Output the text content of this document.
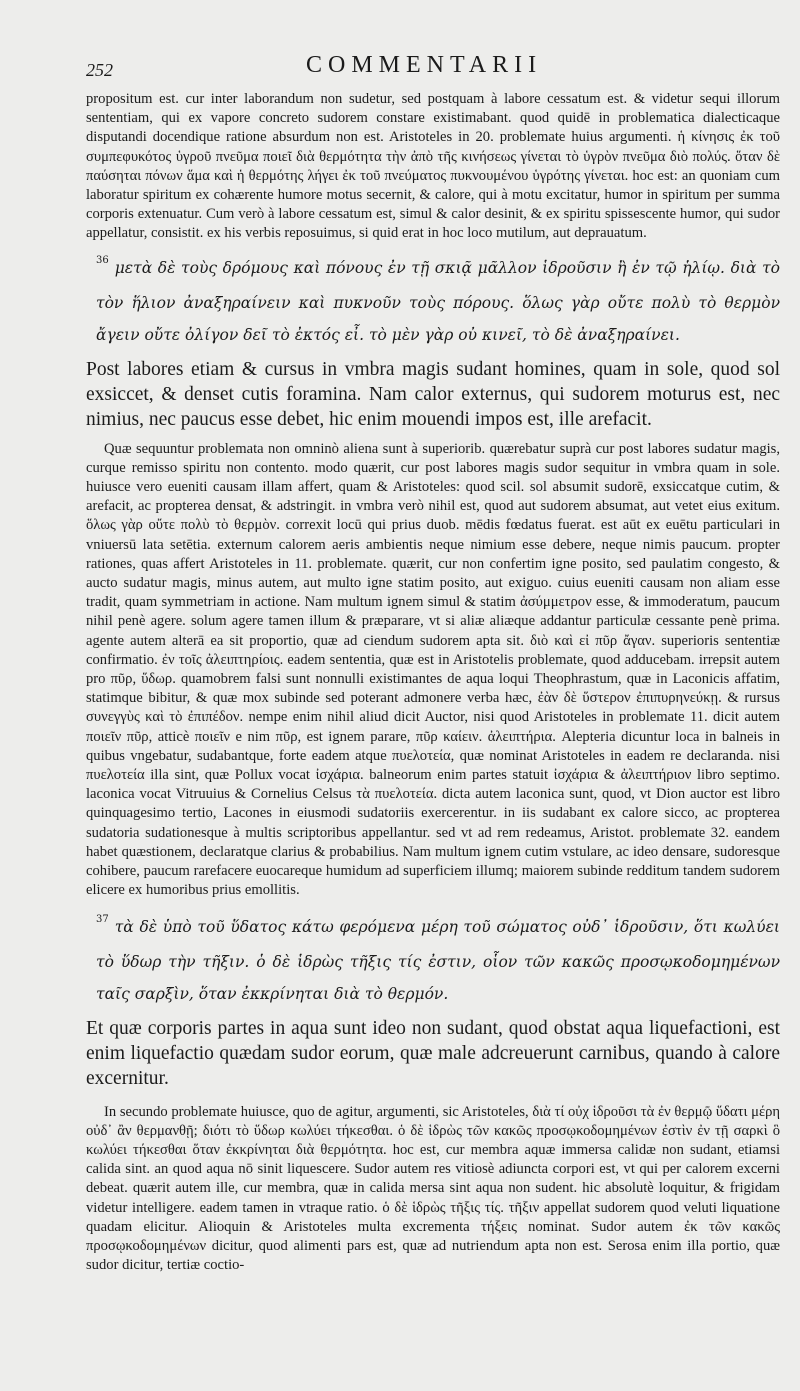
252	COMMENTARII

propositum est. cur inter laborandum non sudetur, sed postquam à labore cessatum est. & videtur sequi illorum sententiam, qui ex vapore concreto sudorem constare existimabant. quod quidē in problematica dialecticaque disputandi docendique ratione absurdum non est. Aristoteles in 20. problemate huius argumenti. ἡ κίνησις ἐκ τοῦ συμπεφυκότος ὑγροῦ πνεῦμα ποιεῖ διὰ θερμότητα τὴν ἀπὸ τῆς κινήσεως γίνεται τὸ ὑγρὸν πνεῦμα διὸ πολύς. ὅταν δὲ παύσηται πόνων ἅμα καὶ ἡ θερμότης λήγει ἐκ τοῦ πνεύματος πυκνουμένου ὑγρότης γίνεται. hoc est: an quoniam cum laboratur spiritum ex cohærente humore motus secernit, & calore, qui à motu excitatur, humor in spiritum per summa corporis extenuatur. Cum verò à labore cessatum est, simul & calor desinit, & ex spiritu spissescente humor, qui sudor appellatur, consistit. ex his verbis reposuimus, si quid erat in hoc loco mutilum, aut deprauatum.

$^{36}$ μετὰ δὲ τοὺς δρόμους καὶ πόνους ἐν τῇ σκιᾷ μᾶλλον ἱδροῦσιν ἢ ἐν τῷ ἡλίῳ. διὰ τὸ τὸν ἥλιον ἀναξηραίνειν καὶ πυκνοῦν τοὺς πόρους. ὅλως γὰρ οὔτε πολὺ τὸ θερμὸν ἄγειν οὔτε ὀλίγον δεῖ τὸ ἐκτός εἶ. τὸ μὲν γὰρ οὐ κινεῖ, τὸ δὲ ἀναξηραίνει.

Post labores etiam & cursus in vmbra magis sudant homines, quam in sole, quod sol exsiccet, & denset cutis foramina. Nam calor externus, qui sudorem moturus est, nec nimius, nec paucus esse debet, hic enim mouendi impos est, ille arefacit.

Quæ sequuntur problemata non omninò aliena sunt à superiorib. quærebatur suprà cur post labores sudatur magis, curque remisso spiritu non contento. modo quærit, cur post labores magis sudor sequitur in vmbra quam in sole. huiusce vero eueniti causam illam affert, quam & Aristoteles: quod scil. sol absumit sudorē, exsiccatque cutim, & arefacit, ac propterea densat, & adstringit. in vmbra verò nihil est, quod aut sudorem absumat, aut vetet eius exitum. ὅλως γὰρ οὔτε πολὺ τὸ θερμὸν. correxit locū qui prius duob. mēdis fœdatus fuerat. est aūt ex euētu particulari in vniuersū lata setētia. externum calorem aeris ambientis neque nimium esse debere, neque nimis paucum. propter rationes, quas affert Aristoteles in 11. problemate. quærit, cur non confertim igne posito, sed paulatim congesto, & aucto sudatur magis, minus autem, aut multo igne statim posito, aut exiguo. cuius eueniti causam non aliam esse tradit, quam symmetriam in actione. Nam multum ignem simul & statim ἀσύμμετρον esse, & immoderatum, paucum nihil penè agere. solum agere tamen illum & præparare, vt si aliæ aliæque addantur particulæ cessante penè prima. agente autem alterā ea sit proportio, quæ ad ciendum sudorem apta sit. διὸ καὶ εἰ πῦρ ἄγαν. superioris sententiæ confirmatio. ἐν τοῖς ἀλειπτηρίοις. eadem sententia, quæ est in Aristotelis problemate, quod adducebam. irrepsit autem pro πῦρ, ὕδωρ. quamobrem falsi sunt nonnulli existimantes de aqua loqui Theophrastum, quæ in Laconicis affatim, statimque bibitur, & quæ mox subinde sed poterant admonere verba hæc, ἐὰν δὲ ὕστερον ἐπιπυρηνεύκῃ. & rursus συνεγγὺς καὶ τὸ ἐπιπέδον. nempe enim nihil aliud dicit Auctor, nisi quod Aristoteles in problemate 11. dicit autem ποιεῖν πῦρ, atticè ποιεῖν e nim πῦρ, est ignem parare, πῦρ καίειν. ἀλειπτήρια. Alepteria dicuntur loca in balneis in quibus vngebatur, sudabantque, forte eadem atque πυελοτεία, quæ nominat Aristoteles in eadem re declaranda. nisi πυελοτεία illa sint, quæ Pollux vocat ἰσχάρια. balneorum enim partes statuit ἰσχάρια & ἀλειπτήριον libro septimo. laconica vocat Vitruuius & Cornelius Celsus τὰ πυελοτεία. dicta autem laconica sunt, quod, vt Dion auctor est libro quinquagesimo tertio, Lacones in eiusmodi sudatoriis exercerentur. in iis sudabant ex calore sicco, ac propterea sudatoria sudationesque à multis scriptoribus appellantur. sed vt ad rem redeamus, Aristot. problemate 32. eandem habet quæstionem, declaratque clarius & probabilius. Nam multum ignem cutim vstulare, ac ideo densare, sudoresque cohibere, paucum rarefacere euocareque humidum ad superficiem illumq; maiorem subinde redditum tandem sudorem elicere ex humoribus prius emollitis.

$^{37}$ τὰ δὲ ὑπὸ τοῦ ὕδατος κάτω φερόμενα μέρη τοῦ σώματος οὐδ᾽ ἱδροῦσιν, ὅτι κωλύει τὸ ὕδωρ τὴν τῆξιν. ὁ δὲ ἱδρὼς τῆξις τίς ἐστιν, οἷον τῶν κακῶς προσῳκοδομημένων ταῖς σαρξὶν, ὅταν ἐκκρίνηται διὰ τὸ θερμόν.

Et quæ corporis partes in aqua sunt ideo non sudant, quod obstat aqua liquefactioni, est enim liquefactio quædam sudor eorum, quæ male adcreuerunt carnibus, quando à calore excernitur.

In secundo problemate huiusce, quo de agitur, argumenti, sic Aristoteles, διὰ τί οὐχ ἱδροῦσι τὰ ἐν θερμῷ ὕδατι μέρη οὐδ᾽ ἂν θερμανθῇ; διότι τὸ ὕδωρ κωλύει τήκεσθαι. ὁ δὲ ἱδρὼς τῶν κακῶς προσῳκοδομημένων ἐστὶν ἐν τῇ σαρκὶ ὃ κωλύει τήκεσθαι ὅταν ἐκκρίνηται διὰ θερμότητα. hoc est, cur membra aquæ immersa calidæ non sudant, etiamsi calida sint. an quod aqua nō sinit liquescere. Sudor autem res vitiosè adiuncta corpori est, vt qui per calorem excerni debeat. quærit autem ille, cur membra, quæ in calida mersa sint aqua non sudent. hic absolutè loquitur, & frigidam videtur intelligere. eadem tamen in vtraque ratio. ὁ δὲ ἱδρὼς τῆξις τίς. τῆξιν appellat sudorem quod veluti liquatione quadam elicitur. Alioquin & Aristoteles multa excrementa τήξεις nominat. Sudor autem ἐκ τῶν κακῶς προσῳκοδομημένων dicitur, quod alimenti pars est, quæ ad nutriendum apta non est. Serosa enim illa portio, quæ sudor dicitur, tertiæ coctio-
